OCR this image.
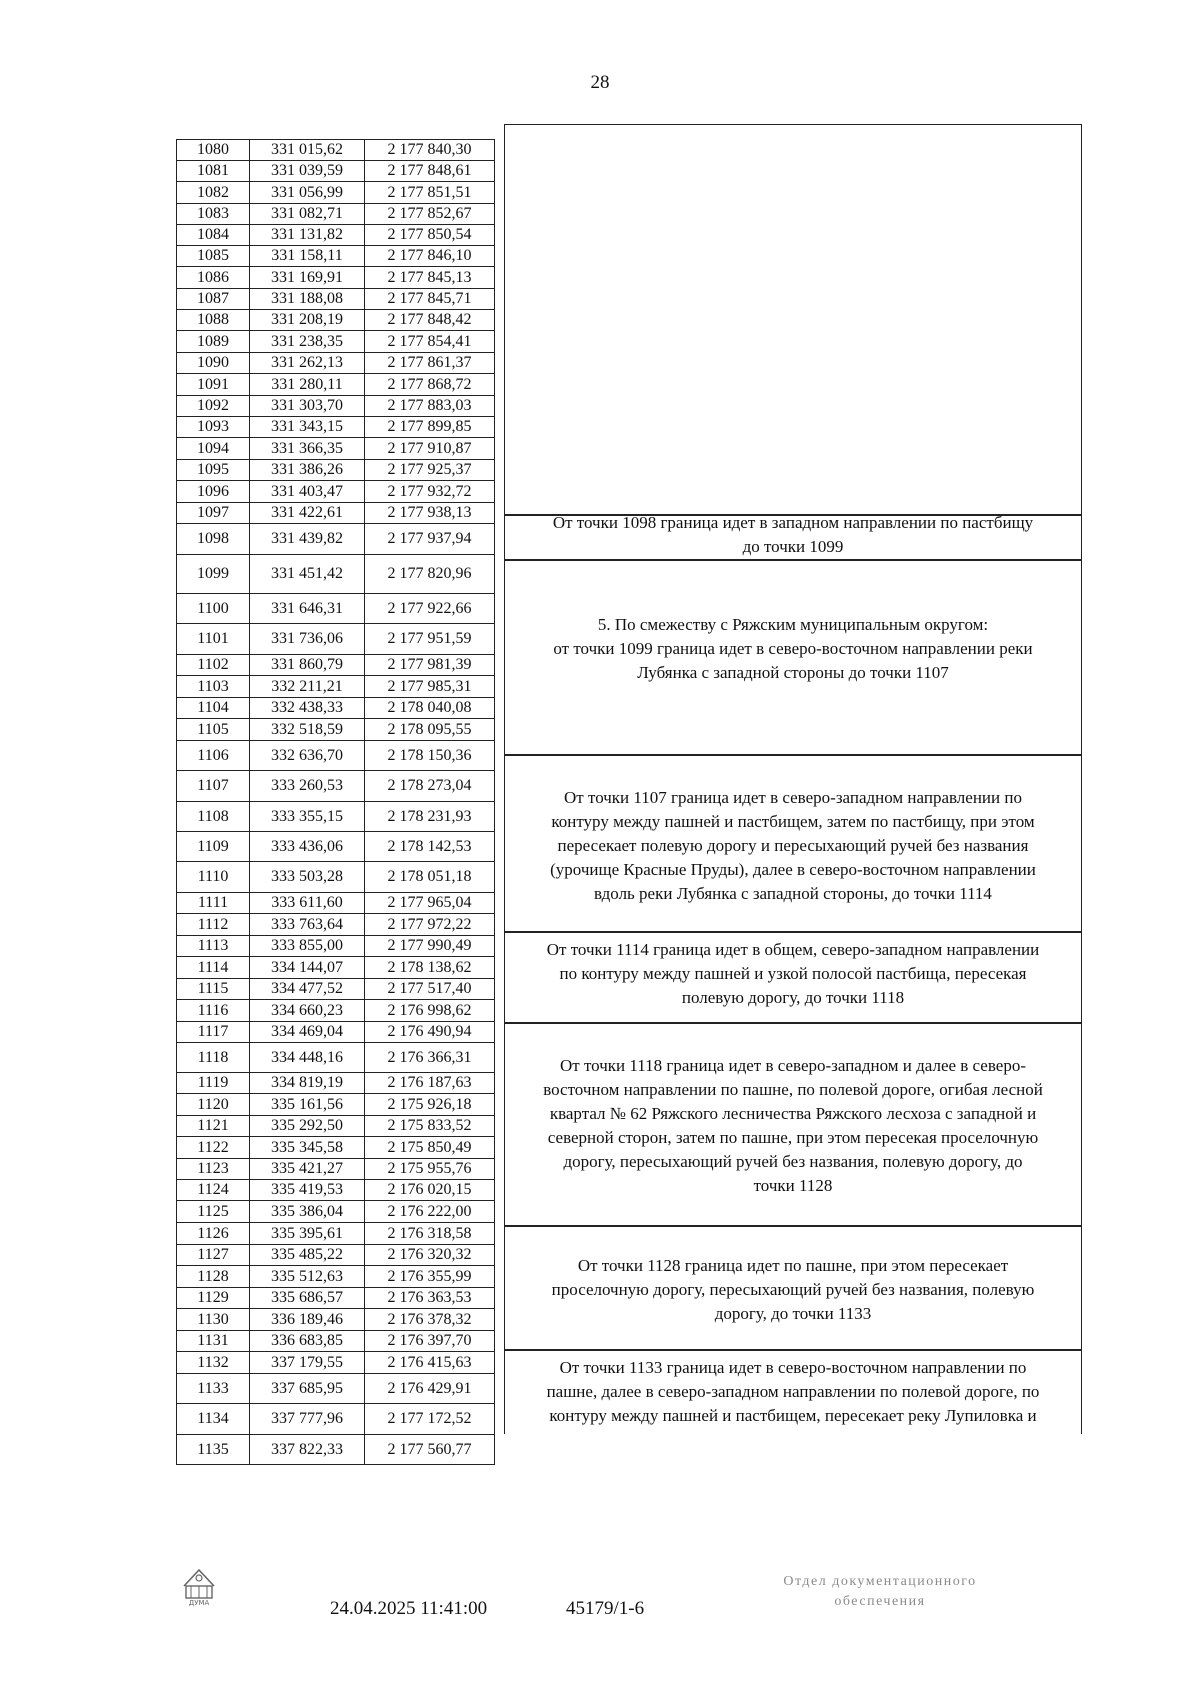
28
1080	331 015,62	2 177 840,30
1081	331 039,59	2 177 848,61
1082	331 056,99	2 177 851,51
1083	331 082,71	2 177 852,67
1084	331 131,82	2 177 850,54
1085	331 158,11	2 177 846,10
1086	331 169,91	2 177 845,13
1087	331 188,08	2 177 845,71
1088	331 208,19	2 177 848,42
1089	331 238,35	2 177 854,41
1090	331 262,13	2 177 861,37
1091	331 280,11	2 177 868,72
1092	331 303,70	2 177 883,03
1093	331 343,15	2 177 899,85
1094	331 366,35	2 177 910,87
1095	331 386,26	2 177 925,37
1096	331 403,47	2 177 932,72
1097	331 422,61	2 177 938,13
1098	331 439,82	2 177 937,94
1099	331 451,42	2 177 820,96
1100	331 646,31	2 177 922,66
1101	331 736,06	2 177 951,59
1102	331 860,79	2 177 981,39
1103	332 211,21	2 177 985,31
1104	332 438,33	2 178 040,08
1105	332 518,59	2 178 095,55
1106	332 636,70	2 178 150,36
1107	333 260,53	2 178 273,04
1108	333 355,15	2 178 231,93
1109	333 436,06	2 178 142,53
1110	333 503,28	2 178 051,18
1111	333 611,60	2 177 965,04
1112	333 763,64	2 177 972,22
1113	333 855,00	2 177 990,49
1114	334 144,07	2 178 138,62
1115	334 477,52	2 177 517,40
1116	334 660,23	2 176 998,62
1117	334 469,04	2 176 490,94
1118	334 448,16	2 176 366,31
1119	334 819,19	2 176 187,63
1120	335 161,56	2 175 926,18
1121	335 292,50	2 175 833,52
1122	335 345,58	2 175 850,49
1123	335 421,27	2 175 955,76
1124	335 419,53	2 176 020,15
1125	335 386,04	2 176 222,00
1126	335 395,61	2 176 318,58
1127	335 485,22	2 176 320,32
1128	335 512,63	2 176 355,99
1129	335 686,57	2 176 363,53
1130	336 189,46	2 176 378,32
1131	336 683,85	2 176 397,70
1132	337 179,55	2 176 415,63
1133	337 685,95	2 176 429,91
1134	337 777,96	2 177 172,52
1135	337 822,33	2 177 560,77
От точки 1098 граница идет в западном направлении по пастбищу
до точки 1099
5. По смежеству с Ряжским муниципальным округом:
от точки 1099 граница идет в северо-восточном направлении реки
Лубянка с западной стороны до точки 1107
От точки 1107 граница идет в северо-западном направлении по
контуру между пашней и пастбищем, затем по пастбищу, при этом
пересекает полевую дорогу и пересыхающий ручей без названия
(урочище Красные Пруды), далее в северо-восточном направлении
вдоль реки Лубянка с западной стороны, до точки 1114
От точки 1114 граница идет в общем, северо-западном направлении
по контуру между пашней и узкой полосой пастбища, пересекая
полевую дорогу, до точки 1118
От точки 1118 граница идет в северо-западном и далее в северо-
восточном направлении по пашне, по полевой дороге, огибая лесной
квартал № 62 Ряжского лесничества Ряжского лесхоза с западной и
северной сторон, затем по пашне, при этом пересекая проселочную
дорогу, пересыхающий ручей без названия, полевую дорогу, до
точки 1128
От точки 1128 граница идет по пашне, при этом пересекает
проселочную дорогу, пересыхающий ручей без названия, полевую
дорогу, до точки 1133
От точки 1133 граница идет в северо-восточном направлении по
пашне, далее в северо-западном направлении по полевой дороге, по
контуру между пашней и пастбищем, пересекает реку Лупиловка и
ДУМА	24.04.2025 11:41:00	45179/1-6
Отдел документационного
обеспечения
